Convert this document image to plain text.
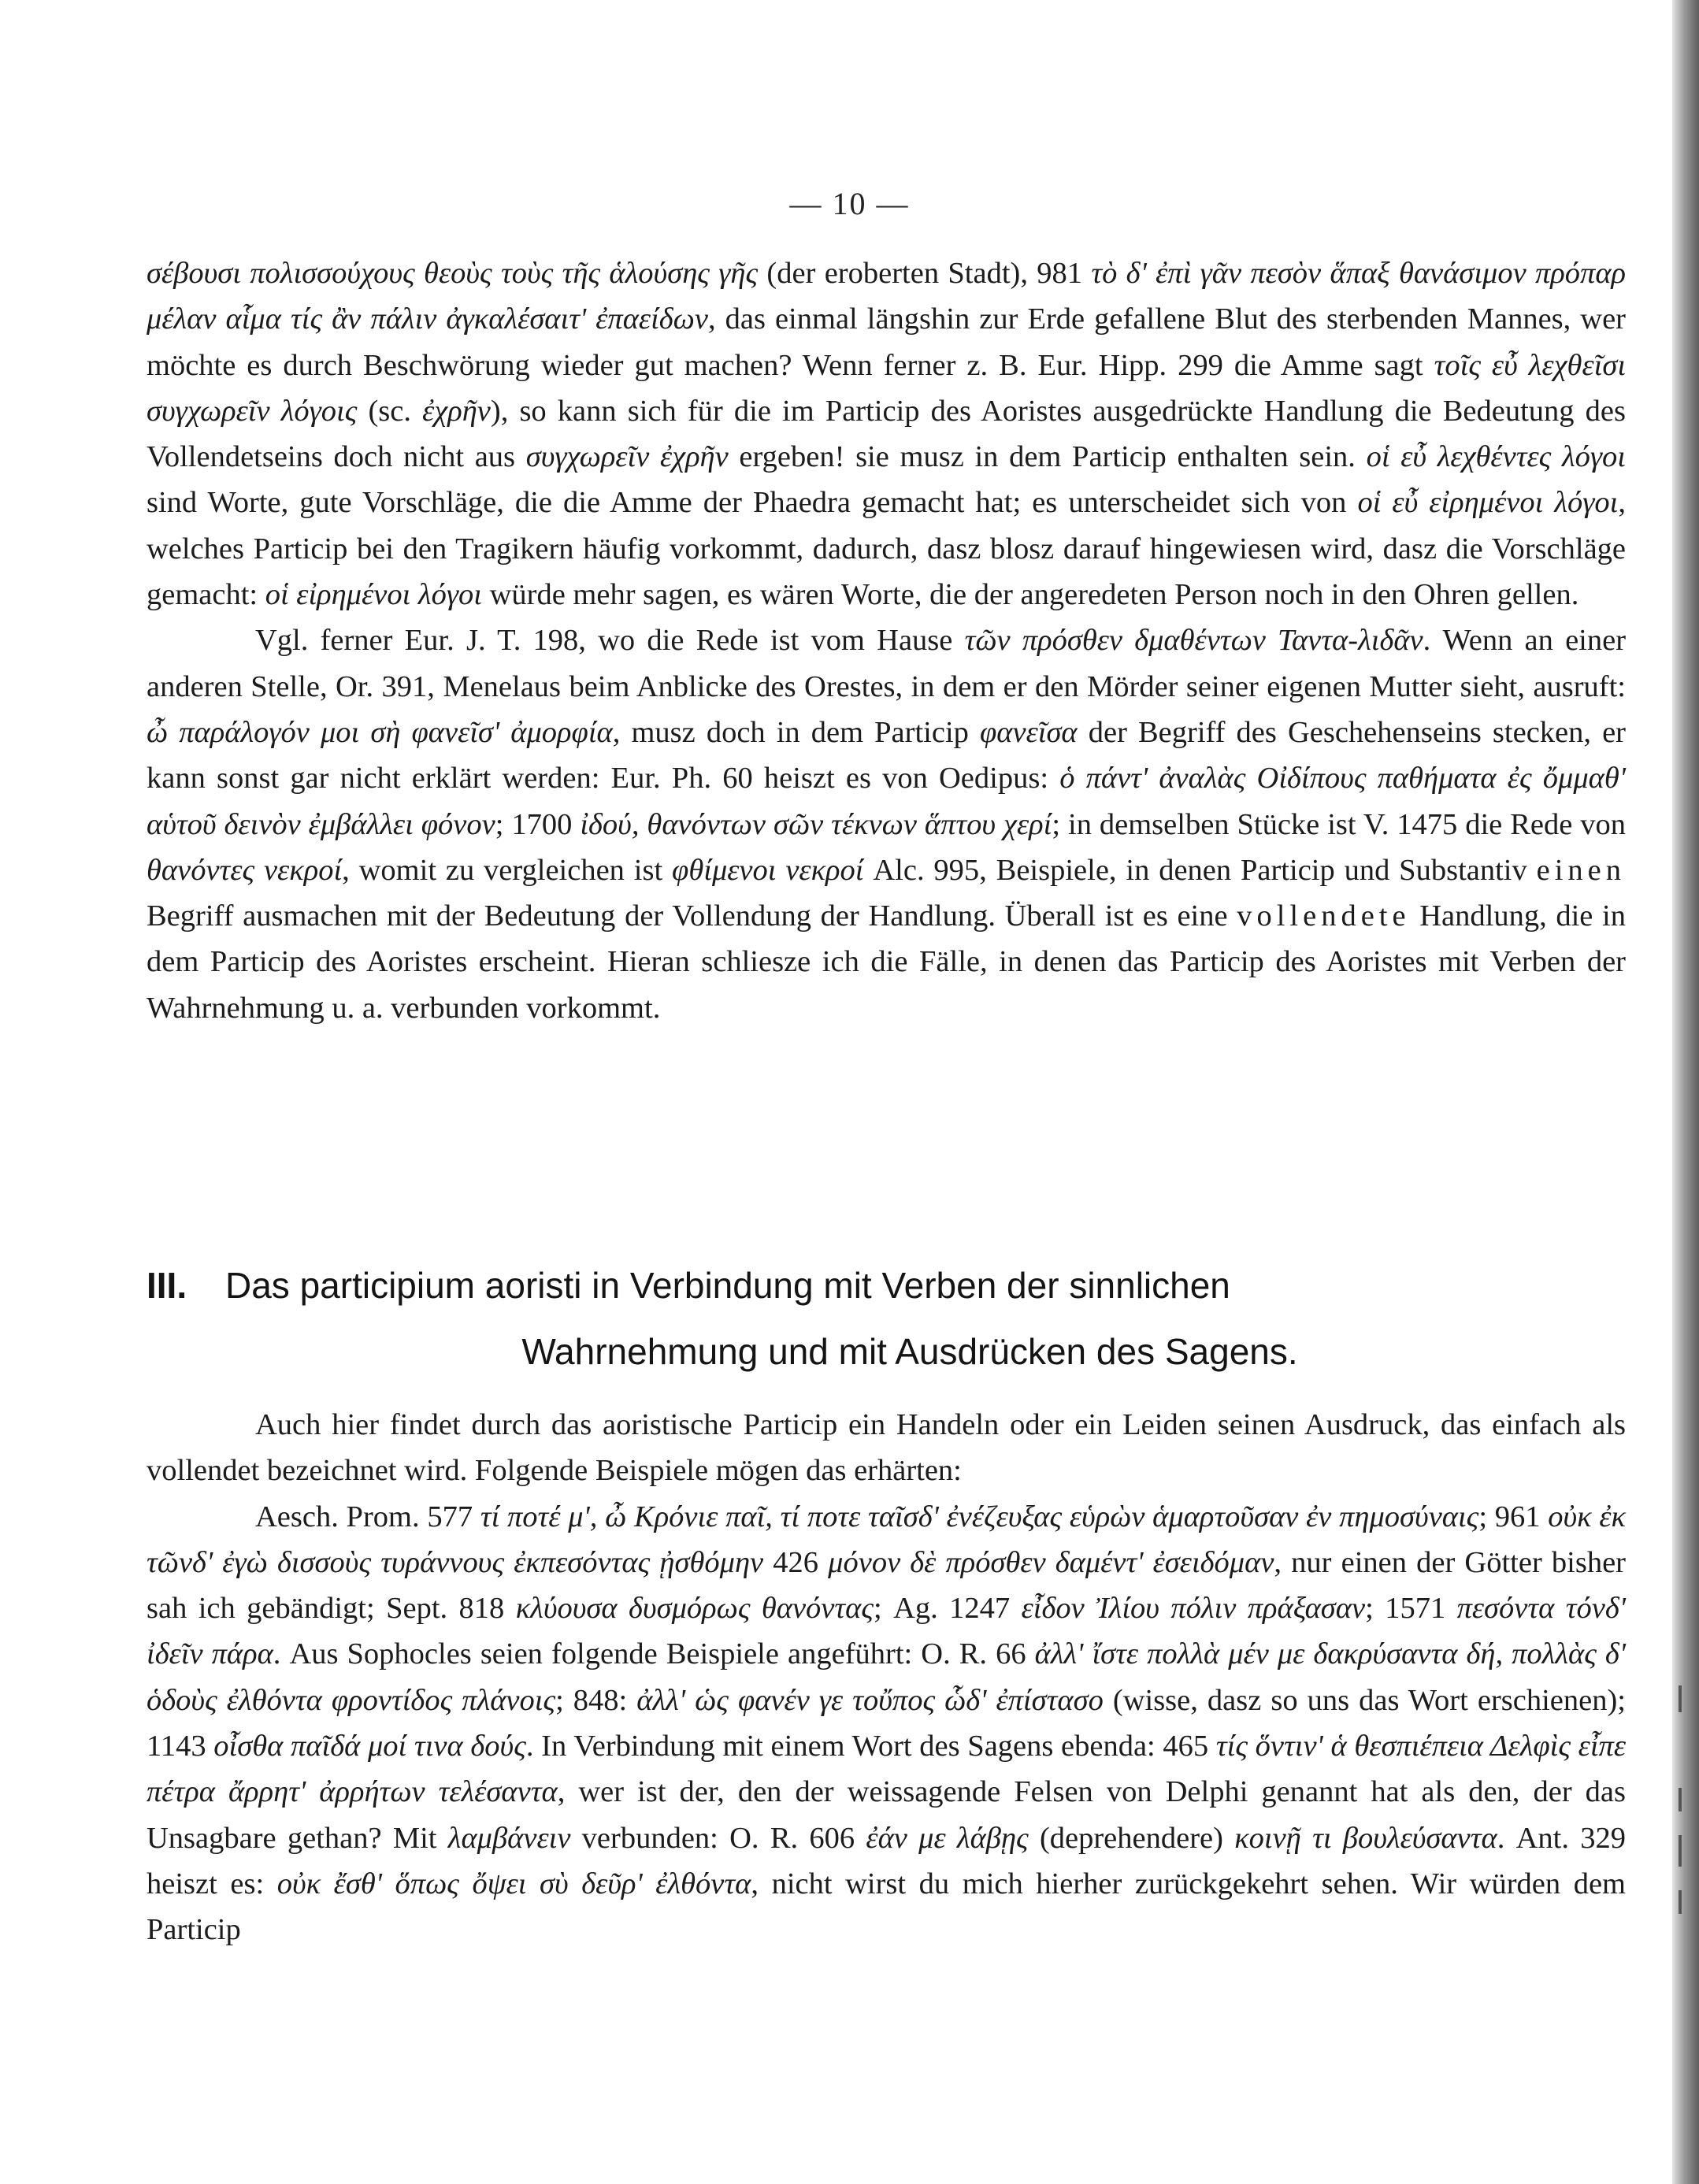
— 10 —

σέβουσι πολισσούχους θεοὺς τοὺς τῆς ἁλούσης γῆς (der eroberten Stadt), 981 τὸ δ' ἐπὶ γᾶν πεσὸν ἅπαξ θανάσιμον πρόπαρ μέλαν αἷμα τίς ἂν πάλιν ἀγκαλέσαιτ' ἐπαείδων, das einmal längshin zur Erde gefallene Blut des sterbenden Mannes, wer möchte es durch Beschwörung wieder gut machen? Wenn ferner z. B. Eur. Hipp. 299 die Amme sagt τοῖς εὖ λεχθεῖσι συγχωρεῖν λόγοις (sc. ἐχρῆν), so kann sich für die im Particip des Aoristes ausgedrückte Handlung die Bedeutung des Vollendetseins doch nicht aus συγχωρεῖν ἐχρῆν ergeben! sie musz in dem Particip enthalten sein. οἱ εὖ λεχθέντες λόγοι sind Worte, gute Vorschläge, die die Amme der Phaedra gemacht hat; es unterscheidet sich von οἱ εὖ εἰρημένοι λόγοι, welches Particip bei den Tragikern häufig vorkommt, dadurch, dasz blosz darauf hingewiesen wird, dasz die Vorschläge gemacht: οἱ εἰρημένοι λόγοι würde mehr sagen, es wären Worte, die der angeredeten Person noch in den Ohren gellen.

Vgl. ferner Eur. J. T. 198, wo die Rede ist vom Hause τῶν πρόσθεν δμαθέντων Ταντα-λιδᾶν. Wenn an einer anderen Stelle, Or. 391, Menelaus beim Anblicke des Orestes, in dem er den Mörder seiner eigenen Mutter sieht, ausruft: ὦ παράλογόν μοι σὴ φανεῖσ' ἀμορφία, musz doch in dem Particip φανεῖσα der Begriff des Geschehenseins stecken, er kann sonst gar nicht erklärt werden: Eur. Ph. 60 heiszt es von Oedipus: ὁ πάντ' ἀναλὰς Οἰδίπους παθήματα ἐς ὄμμαθ' αὑτοῦ δεινὸν ἐμβάλλει φόνον; 1700 ἰδού, θανόντων σῶν τέκνων ἅπτου χερί; in demselben Stücke ist V. 1475 die Rede von θανόντες νεκροί, womit zu vergleichen ist φθίμενοι νεκροί Alc. 995, Beispiele, in denen Particip und Substantiv einen Begriff ausmachen mit der Bedeutung der Vollendung der Handlung. Überall ist es eine vollendete Handlung, die in dem Particip des Aoristes erscheint. Hieran schliesze ich die Fälle, in denen das Particip des Aoristes mit Verben der Wahrnehmung u. a. verbunden vorkommt.

III.	Das participium aoristi in Verbindung mit Verben der sinnlichen
Wahrnehmung und mit Ausdrücken des Sagens.

Auch hier findet durch das aoristische Particip ein Handeln oder ein Leiden seinen Ausdruck, das einfach als vollendet bezeichnet wird. Folgende Beispiele mögen das erhärten:

Aesch. Prom. 577 τί ποτέ μ', ὦ Κρόνιε παῖ, τί ποτε ταῖσδ' ἐνέζευξας εὑρὼν ἁμαρτοῦσαν ἐν πημοσύναις; 961 οὐκ ἐκ τῶνδ' ἐγὼ δισσοὺς τυράννους ἐκπεσόντας ᾐσθόμην 426 μόνον δὲ πρόσθεν δαμέντ' ἐσειδόμαν, nur einen der Götter bisher sah ich gebändigt; Sept. 818 κλύουσα δυσμόρως θανόντας; Ag. 1247 εἶδον Ἰλίου πόλιν πράξασαν; 1571 πεσόντα τόνδ' ἰδεῖν πάρα. Aus Sophocles seien folgende Beispiele angeführt: O. R. 66 ἀλλ' ἴστε πολλὰ μέν με δακρύσαντα δή, πολλὰς δ' ὁδοὺς ἐλθόντα φροντίδος πλάνοις; 848: ἀλλ' ὡς φανέν γε τοὔπος ὧδ' ἐπίστασο (wisse, dasz so uns das Wort erschienen); 1143 οἶσθα παῖδά μοί τινα δούς. In Verbindung mit einem Wort des Sagens ebenda: 465 τίς ὅντιν' ἁ θεσπιέπεια Δελφὶς εἶπε πέτρα ἄρρητ' ἀρρήτων τελέσαντα, wer ist der, den der weissagende Felsen von Delphi genannt hat als den, der das Unsagbare gethan? Mit λαμβάνειν verbunden: O. R. 606 ἐάν με λάβῃς (deprehendere) κοινῇ τι βουλεύσαντα. Ant. 329 heiszt es: οὐκ ἔσθ' ὅπως ὄψει σὺ δεῦρ' ἐλθόντα, nicht wirst du mich hierher zurückgekehrt sehen. Wir würden dem Particip
